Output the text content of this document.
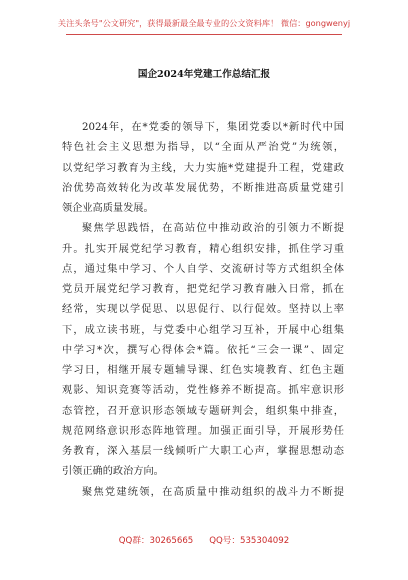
关注头条号"公文研究"，获得最新最全最专业的公文资料库！ 微信：gongwenyj
国企2024年党建工作总结汇报
2024年，在*党委的领导下，集团党委以*新时代中国
特色社会主义思想为指导，以“全面从严治党”为统领，
以党纪学习教育为主线，大力实施*党建提升工程，党建政
治优势高效转化为改革发展优势，不断推进高质量党建引
领企业高质量发展。
聚焦学思践悟，在高站位中推动政治的引领力不断提
升。扎实开展党纪学习教育，精心组织安排，抓住学习重
点，通过集中学习、个人自学、交流研讨等方式组织全体
党员开展党纪学习教育，把党纪学习教育融入日常，抓在
经常，实现以学促思、以思促行、以行促效。坚持以上率
下，成立读书班，与党委中心组学习互补，开展中心组集
中学习*次，撰写心得体会*篇。依托“三会一课”、固定
学习日，相继开展专题辅导课、红色实境教育、红色主题
观影、知识竞赛等活动，党性修养不断提高。抓牢意识形
态管控，召开意识形态领域专题研判会，组织集中排查，
规范网络意识形态阵地管理。加强正面引导，开展形势任
务教育，深入基层一线倾听广大职工心声，掌握思想动态
引领正确的政治方向。
聚焦党建统领，在高质量中推动组织的战斗力不断提
QQ群：30265665 QQ号：535304092
